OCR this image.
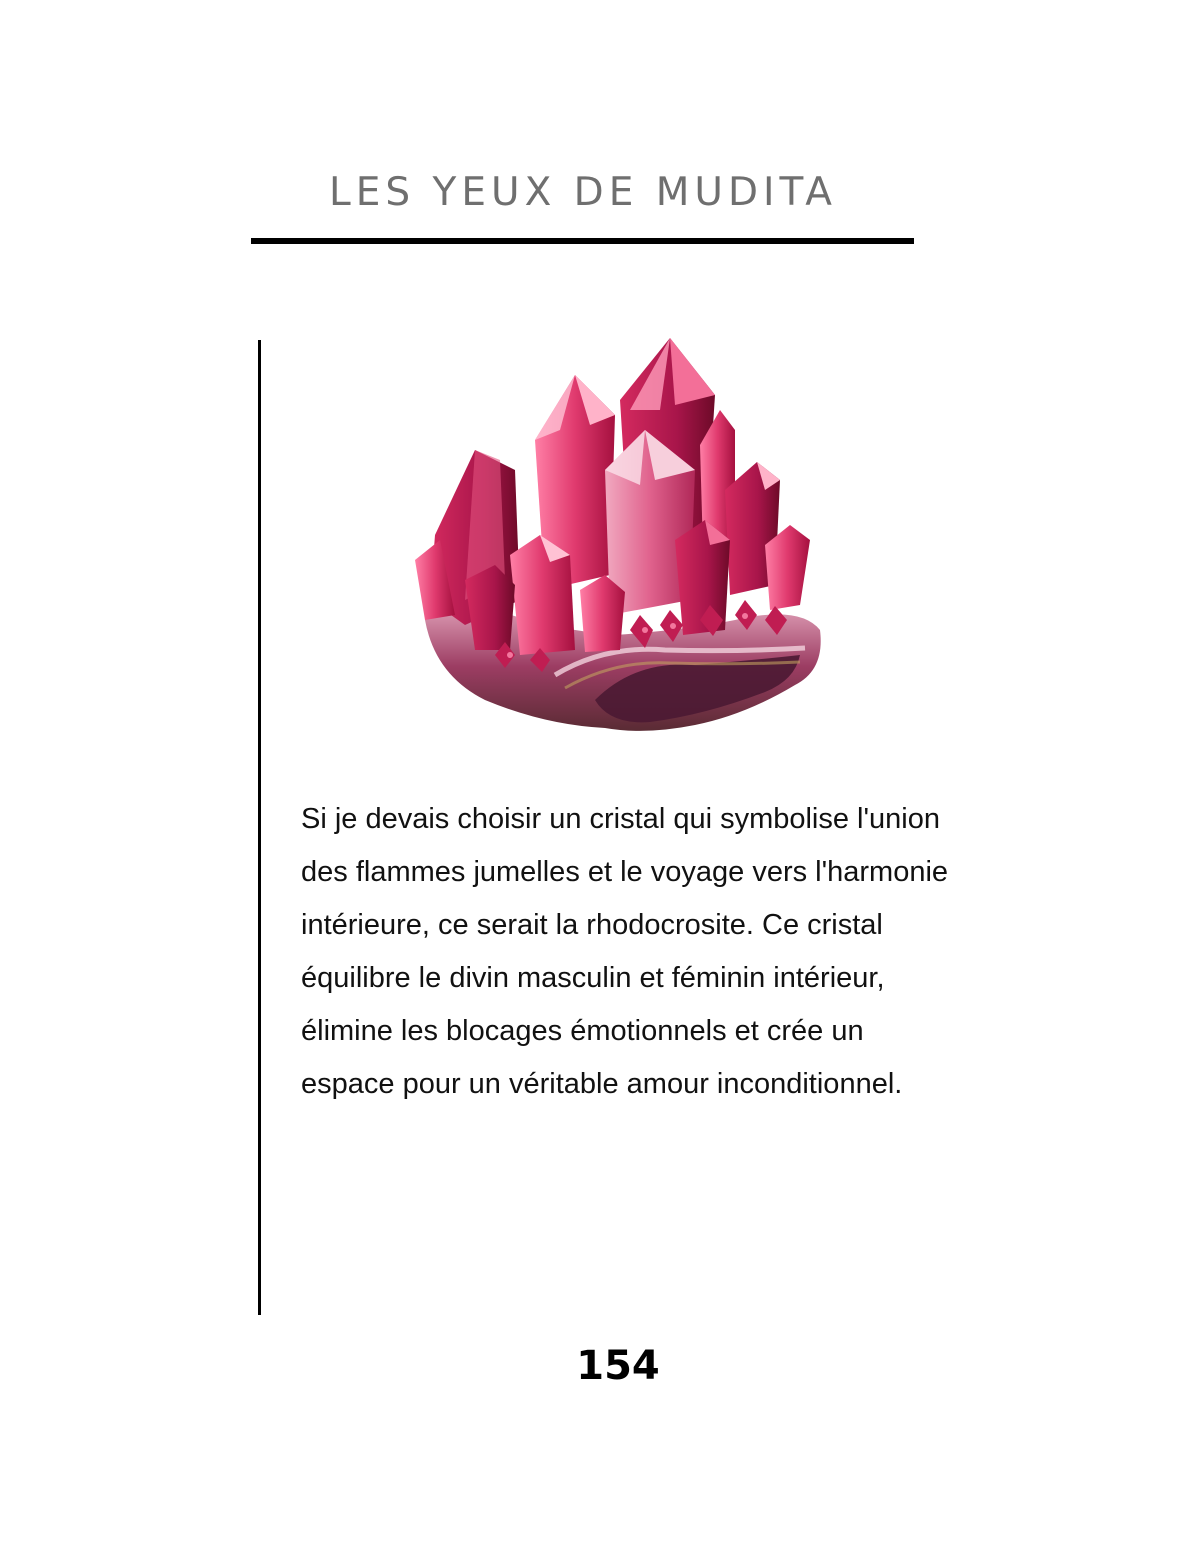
LES YEUX DE MUDITA
Si je devais choisir un cristal qui symbolise l'union
des flammes jumelles et le voyage vers l'harmonie
intérieure, ce serait la rhodocrosite. Ce cristal
équilibre le divin masculin et féminin intérieur,
élimine les blocages émotionnels et crée un
espace pour un véritable amour inconditionnel.
154
